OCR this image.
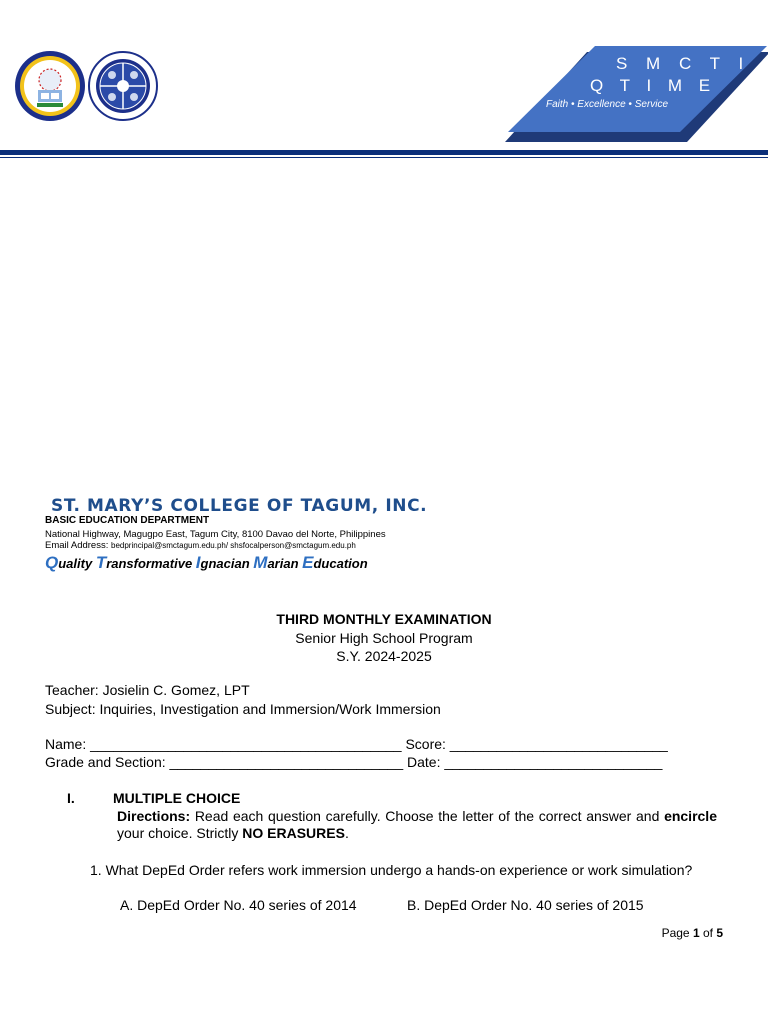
S M C T I
Q T I M E
Faith • Excellence • Service
ST. MARY’S COLLEGE OF TAGUM, INC.
BASIC EDUCATION DEPARTMENT
National Highway, Magugpo East, Tagum City, 8100 Davao del Norte, Philippines
Email Address: bedprincipal@smctagum.edu.ph/ shsfocalperson@smctagum.edu.ph
Quality Transformative Ignacian Marian Education
THIRD MONTHLY EXAMINATION
Senior High School Program
S.Y. 2024-2025
Teacher: Josielin C. Gomez, LPT
Subject: Inquiries, Investigation and Immersion/Work Immersion
Name: ________________________________________ Score: ____________________________
Grade and Section: ______________________________ Date: ____________________________
I.	MULTIPLE CHOICE
Directions: Read each question carefully. Choose the letter of the correct answer and encircle your choice. Strictly NO ERASURES.
1. What DepEd Order refers work immersion undergo a hands-on experience or work simulation?
A. DepEd Order No. 40 series of 2014	B. DepEd Order No. 40 series of 2015
Page 1 of 5
